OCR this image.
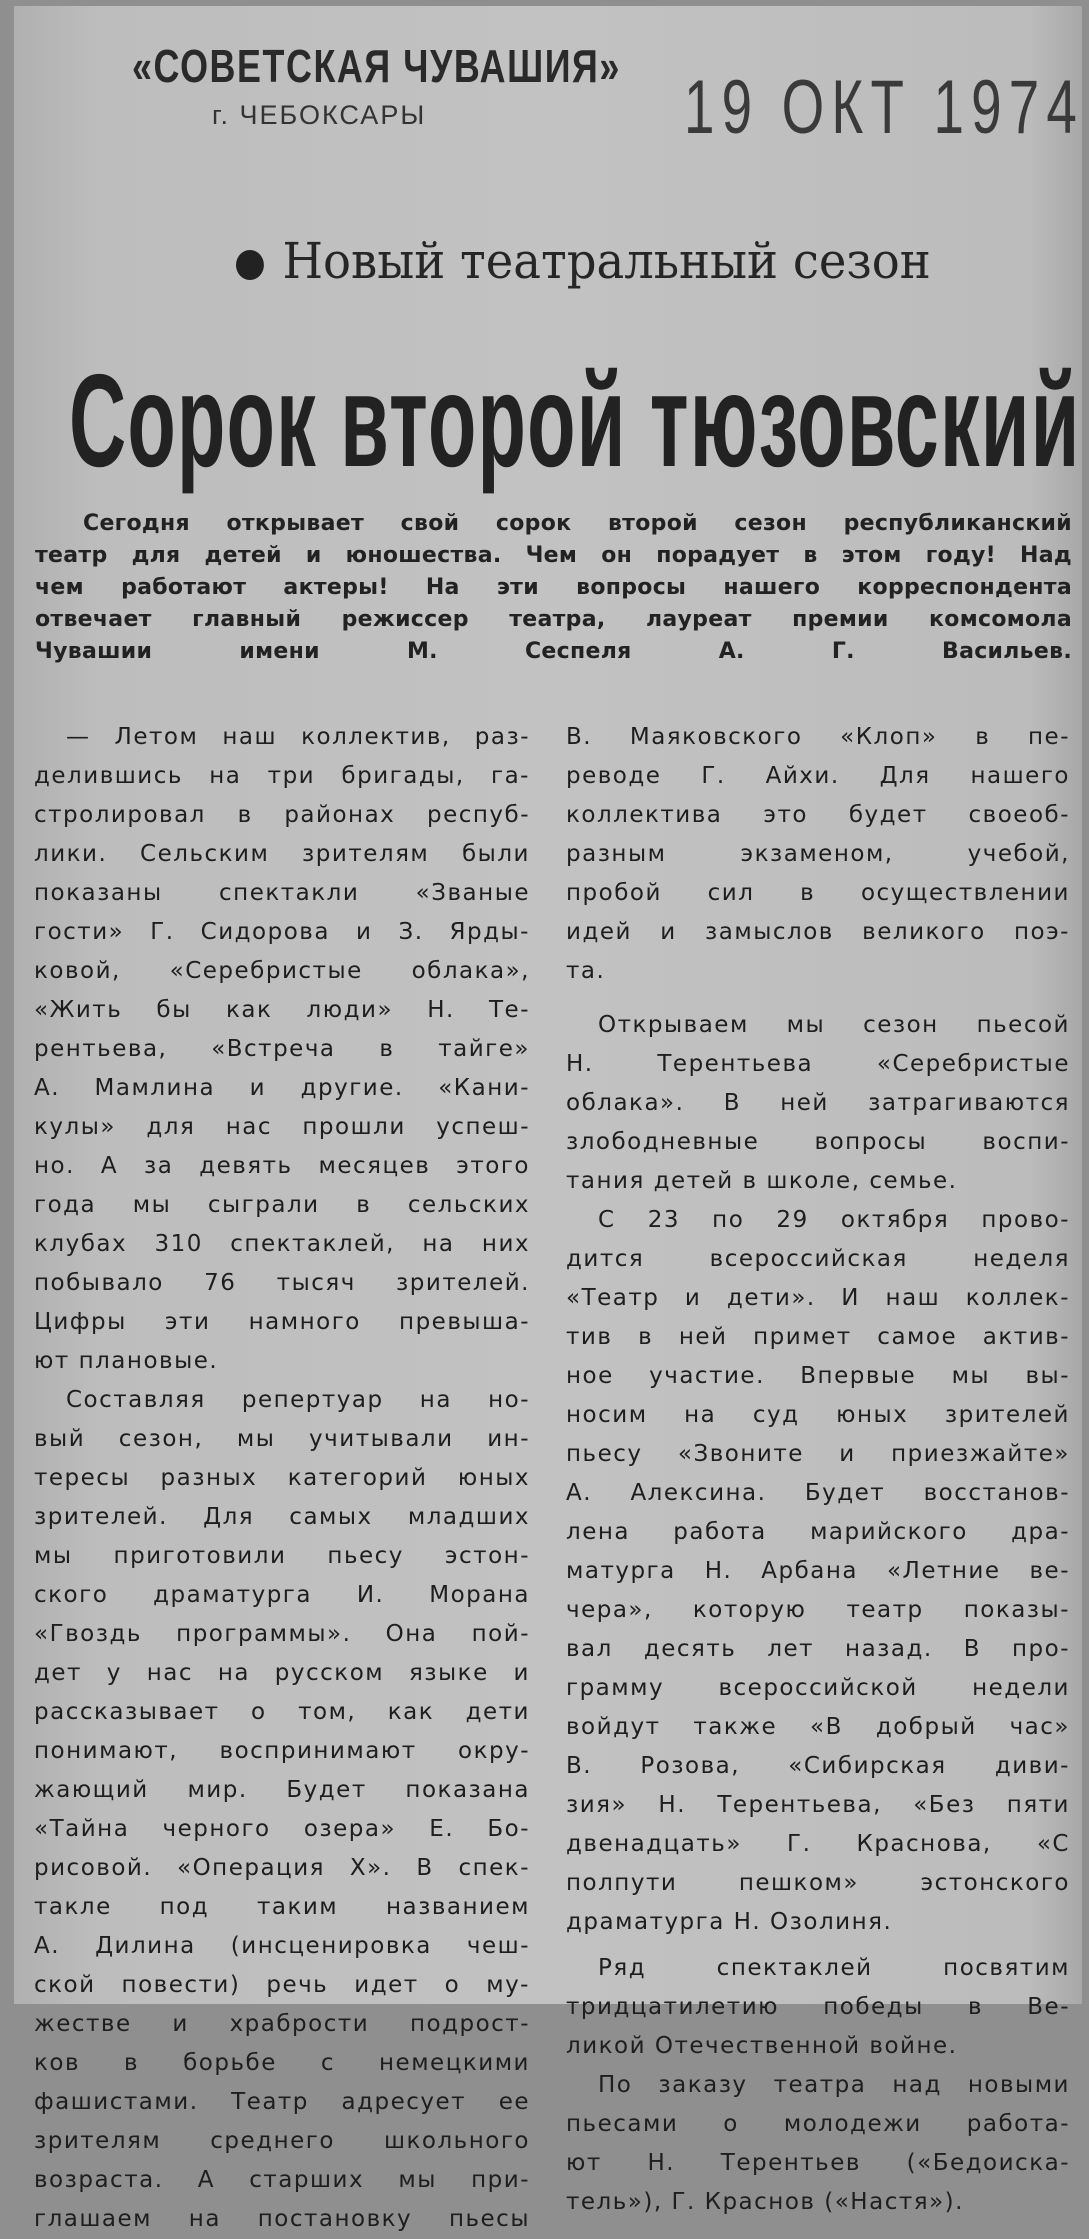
«СОВЕТСКАЯ ЧУВАШИЯ»
г. ЧЕБОКСАРЫ	19 ОКТ 1974
Новый театральный сезон
Сорок второй тюзовский
Сегодня открывает свой сорок второй сезон республиканский
театр для детей и юношества. Чем он порадует в этом году! Над
чем работают актеры! На эти вопросы нашего корреспондента
отвечает главный режиссер театра, лауреат премии комсомола
Чувашии имени М. Сеспеля А. Г. Васильев.
— Летом наш коллектив, раз-
делившись на три бригады, га-
стролировал в районах респуб-
лики. Сельским зрителям были
показаны спектакли «Званые
гости» Г. Сидорова и З. Ярды-
ковой, «Серебристые облака»,
«Жить бы как люди» Н. Те-
рентьева, «Встреча в тайге»
А. Мамлина и другие. «Кани-
кулы» для нас прошли успеш-
но. А за девять месяцев этого
года мы сыграли в сельских
клубах 310 спектаклей, на них
побывало 76 тысяч зрителей.
Цифры эти намного превыша-
ют плановые.
Составляя репертуар на но-
вый сезон, мы учитывали ин-
тересы разных категорий юных
зрителей. Для самых младших
мы приготовили пьесу эстон-
ского драматурга И. Морана
«Гвоздь программы». Она пой-
дет у нас на русском языке и
рассказывает о том, как дети
понимают, воспринимают окру-
жающий мир. Будет показана
«Тайна черного озера» Е. Бо-
рисовой. «Операция Х». В спек-
такле под таким названием
А. Дилина (инсценировка чеш-
ской повести) речь идет о му-
жестве и храбрости подрост-
ков в борьбе с немецкими
фашистами. Театр адресует ее
зрителям среднего школьного
возраста. А старших мы при-
глашаем на постановку пьесы
В. Маяковского «Клоп» в пе-
реводе Г. Айхи. Для нашего
коллектива это будет своеоб-
разным экзаменом, учебой,
пробой сил в осуществлении
идей и замыслов великого поэ-
та.
Открываем мы сезон пьесой
Н. Терентьева «Серебристые
облака». В ней затрагиваются
злободневные вопросы воспи-
тания детей в школе, семье.
С 23 по 29 октября прово-
дится всероссийская неделя
«Театр и дети». И наш коллек-
тив в ней примет самое актив-
ное участие. Впервые мы вы-
носим на суд юных зрителей
пьесу «Звоните и приезжайте»
А. Алексина. Будет восстанов-
лена работа марийского дра-
матурга Н. Арбана «Летние ве-
чера», которую театр показы-
вал десять лет назад. В про-
грамму всероссийской недели
войдут также «В добрый час»
В. Розова, «Сибирская диви-
зия» Н. Терентьева, «Без пяти
двенадцать» Г. Краснова, «С
полпути пешком» эстонского
драматурга Н. Озолиня.
Ряд спектаклей посвятим
тридцатилетию победы в Ве-
ликой Отечественной войне.
По заказу театра над новыми
пьесами о молодежи работа-
ют Н. Терентьев («Бедоиска-
тель»), Г. Краснов («Настя»).
